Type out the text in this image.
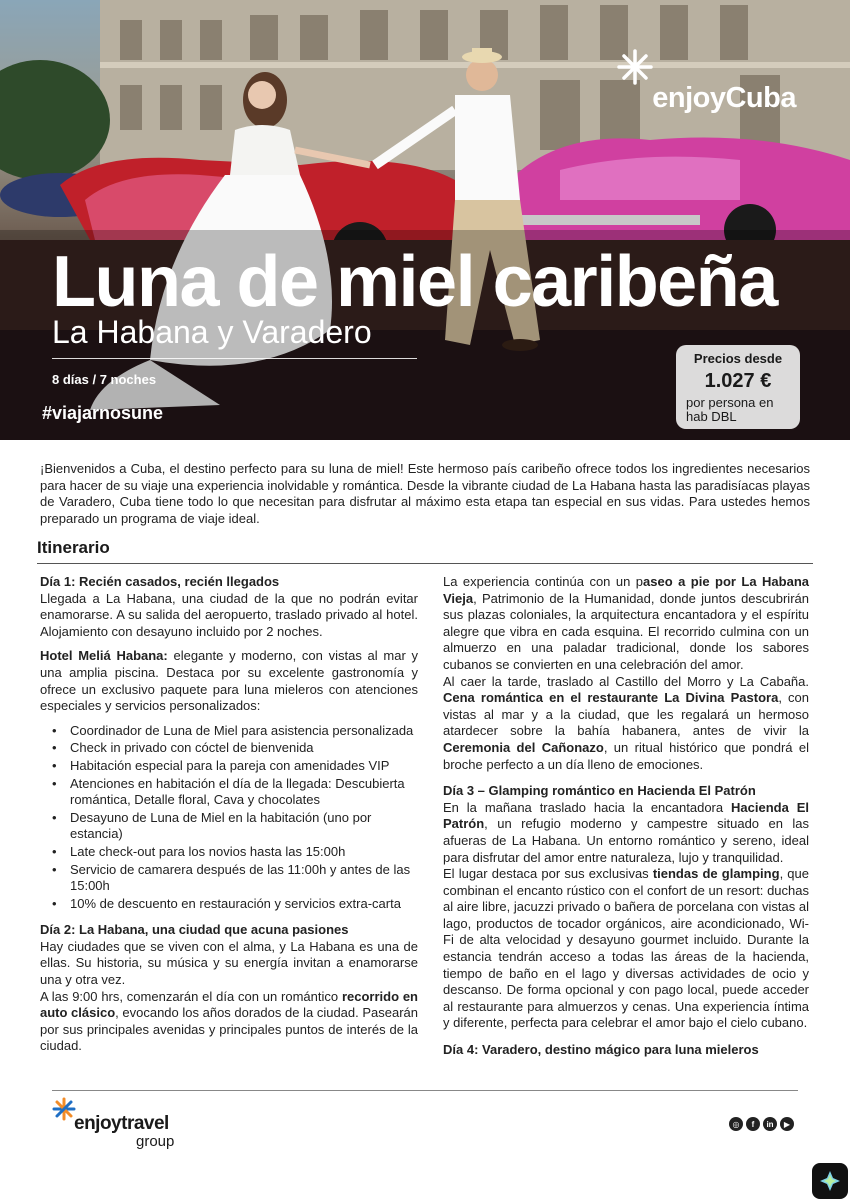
enjoyCuba
Luna de miel caribeña
La Habana y Varadero
8 días / 7 noches
#viajarnosune
Precios desde
1.027 €
por persona en hab DBL

¡Bienvenidos a Cuba, el destino perfecto para su luna de miel! Este hermoso país caribeño ofrece todos los ingredientes necesarios para hacer de su viaje una experiencia inolvidable y romántica. Desde la vibrante ciudad de La Habana hasta las paradisíacas playas de Varadero, Cuba tiene todo lo que necesitan para disfrutar al máximo esta etapa tan especial en sus vidas. Para ustedes hemos preparado un programa de viaje ideal.

Itinerario
Día 1: Recién casados, recién llegados

Llegada a La Habana, una ciudad de la que no podrán evitar enamorarse. A su salida del aeropuerto, traslado privado al hotel. Alojamiento con desayuno incluido por 2 noches.

Hotel Meliá Habana: elegante y moderno, con vistas al mar y una amplia piscina. Destaca por su excelente gastronomía y ofrece un exclusivo paquete para luna mieleros con atenciones especiales y servicios personalizados:

• Coordinador de Luna de Miel para asistencia personalizada
• Check in privado con cóctel de bienvenida
• Habitación especial para la pareja con amenidades VIP
• Atenciones en habitación el día de la llegada: Descubierta romántica, Detalle floral, Cava y chocolates
• Desayuno de Luna de Miel en la habitación (uno por estancia)
• Late check-out para los novios hasta las 15:00h
• Servicio de camarera después de las 11:00h y antes de las 15:00h
• 10% de descuento en restauración y servicios extra-carta
Día 2: La Habana, una ciudad que acuna pasiones

Hay ciudades que se viven con el alma, y La Habana es una de ellas. Su historia, su música y su energía invitan a enamorarse una y otra vez.

A las 9:00 hrs, comenzarán el día con un romántico recorrido en auto clásico, evocando los años dorados de la ciudad. Pasearán por sus principales avenidas y principales puntos de interés de la ciudad.

La experiencia continúa con un paseo a pie por La Habana Vieja, Patrimonio de la Humanidad, donde juntos descubrirán sus plazas coloniales, la arquitectura encantadora y el espíritu alegre que vibra en cada esquina. El recorrido culmina con un almuerzo en una paladar tradicional, donde los sabores cubanos se convierten en una celebración del amor.

Al caer la tarde, traslado al Castillo del Morro y La Cabaña. Cena romántica en el restaurante La Divina Pastora, con vistas al mar y a la ciudad, que les regalará un hermoso atardecer sobre la bahía habanera, antes de vivir la Ceremonia del Cañonazo, un ritual histórico que pondrá el broche perfecto a un día lleno de emociones.

Día 3 – Glamping romántico en Hacienda El Patrón

En la mañana traslado hacia la encantadora Hacienda El Patrón, un refugio moderno y campestre situado en las afueras de La Habana. Un entorno romántico y sereno, ideal para disfrutar del amor entre naturaleza, lujo y tranquilidad.

El lugar destaca por sus exclusivas tiendas de glamping, que combinan el encanto rústico con el confort de un resort: duchas al aire libre, jacuzzi privado o bañera de porcelana con vistas al lago, productos de tocador orgánicos, aire acondicionado, Wi-Fi de alta velocidad y desayuno gourmet incluido. Durante la estancia tendrán acceso a todas las áreas de la hacienda, tiempo de baño en el lago y diversas actividades de ocio y descanso. De forma opcional y con pago local, puede acceder al restaurante para almuerzos y cenas. Una experiencia íntima y diferente, perfecta para celebrar el amor bajo el cielo cubano.

Día 4: Varadero, destino mágico para luna mieleros
enjoytravel
group
◎	f	in	▶
